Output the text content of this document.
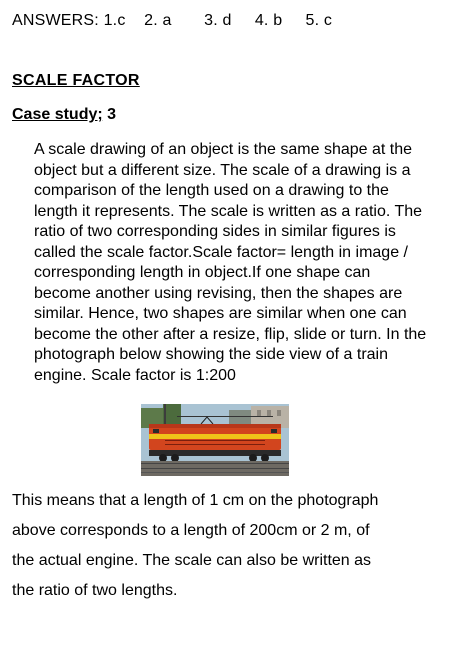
ANSWERS: 1.c    2. a       3. d     4. b     5. c
SCALE FACTOR
Case study; 3
A scale drawing of an object is the same shape at the
object but a different size. The scale of a drawing is a
comparison of the length used on a drawing to the
length it represents. The scale is written as a ratio. The
ratio of two corresponding sides in similar figures is
called the scale factor.Scale factor= length in image /
corresponding length in object.If one shape can
become another using revising, then the shapes are
similar. Hence, two shapes are similar when one can
become the other after a resize, flip, slide or turn. In the
photograph below showing the side view of a train
engine. Scale factor is 1:200
This means that a length of 1 cm on the photograph
above corresponds to a length of 200cm or 2 m, of
the actual engine. The scale can also be written as
the ratio of two lengths.
